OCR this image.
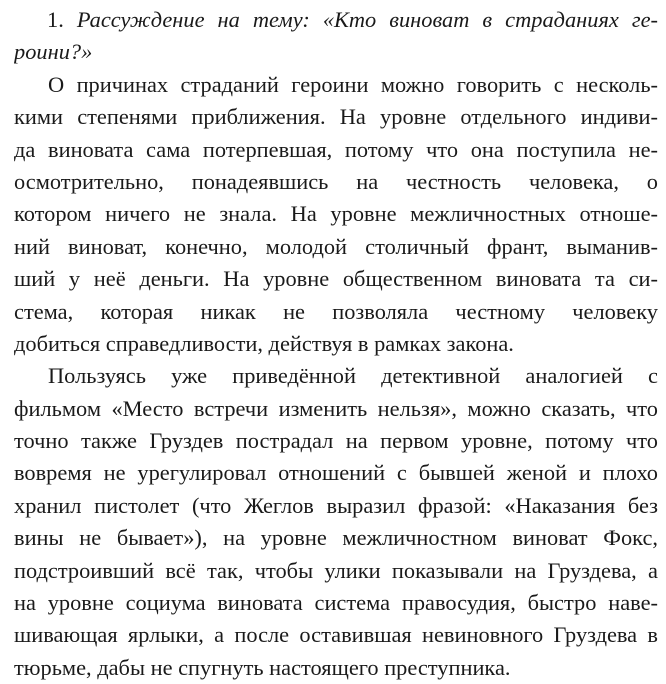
1. Рассуждение на тему: «Кто виноват в страданиях ге-
роини?»
О причинах страданий героини можно говорить с несколь-
кими степенями приближения. На уровне отдельного индиви-
да виновата сама потерпевшая, потому что она поступила не-
осмотрительно, понадеявшись на честность человека, о
котором ничего не знала. На уровне межличностных отноше-
ний виноват, конечно, молодой столичный франт, выманив-
ший у неё деньги. На уровне общественном виновата та си-
стема, которая никак не позволяла честному человеку
добиться справедливости, действуя в рамках закона.
Пользуясь уже приведённой детективной аналогией с
фильмом «Место встречи изменить нельзя», можно сказать, что
точно также Груздев пострадал на первом уровне, потому что
вовремя не урегулировал отношений с бывшей женой и плохо
хранил пистолет (что Жеглов выразил фразой: «Наказания без
вины не бывает»), на уровне межличностном виноват Фокс,
подстроивший всё так, чтобы улики показывали на Груздева, а
на уровне социума виновата система правосудия, быстро наве-
шивающая ярлыки, а после оставившая невиновного Груздева в
тюрьме, дабы не спугнуть настоящего преступника.
